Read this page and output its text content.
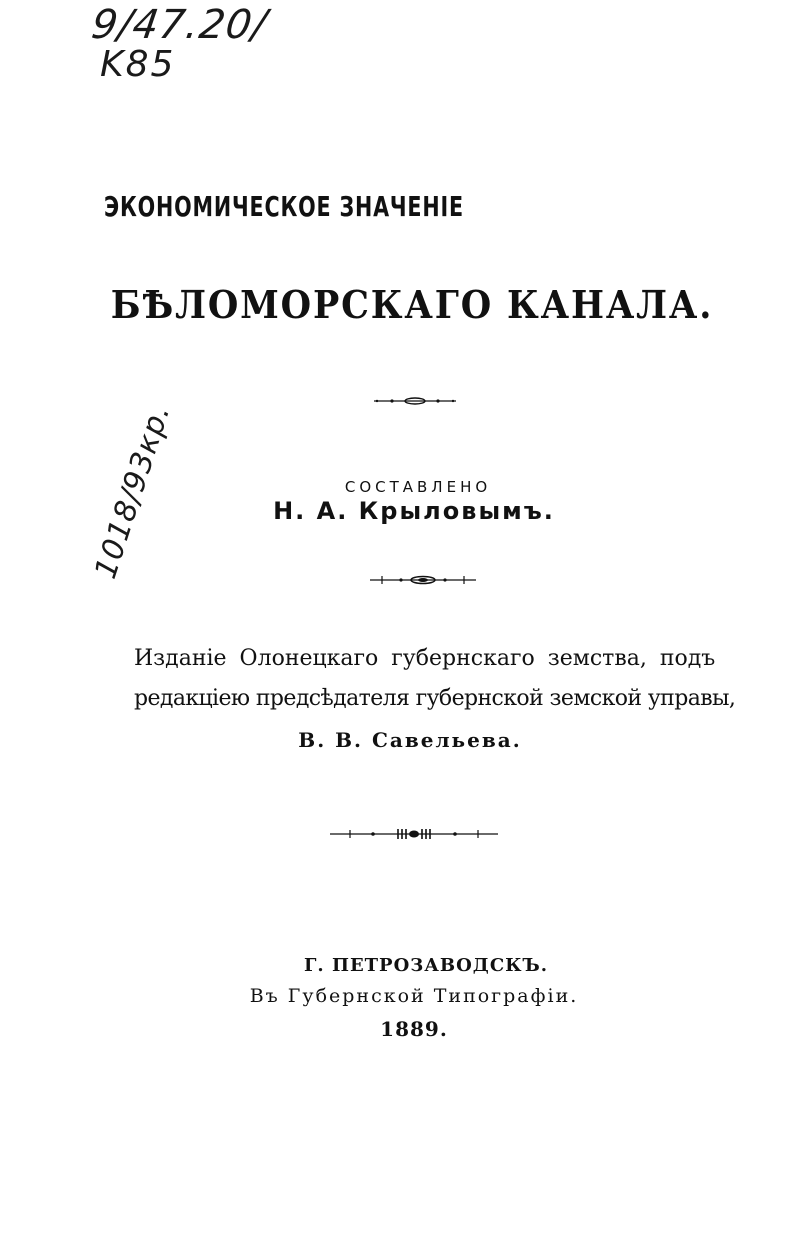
9/47.20/
K85
1018/93кр.
ЭКОНОМИЧЕСКОЕ ЗНАЧЕНІЕ
БѢЛОМОРСКАГО КАНАЛА.
СОСТАВЛЕНО
Н. А. Крыловымъ.
Изданіе Олонецкаго губернскаго земства, подъ
редакціею предсѣдателя губернской земской управы,
В. В. Савельева.
Г. ПЕТРОЗАВОДСКЪ.
Въ Губернской Типографіи.
1889.
